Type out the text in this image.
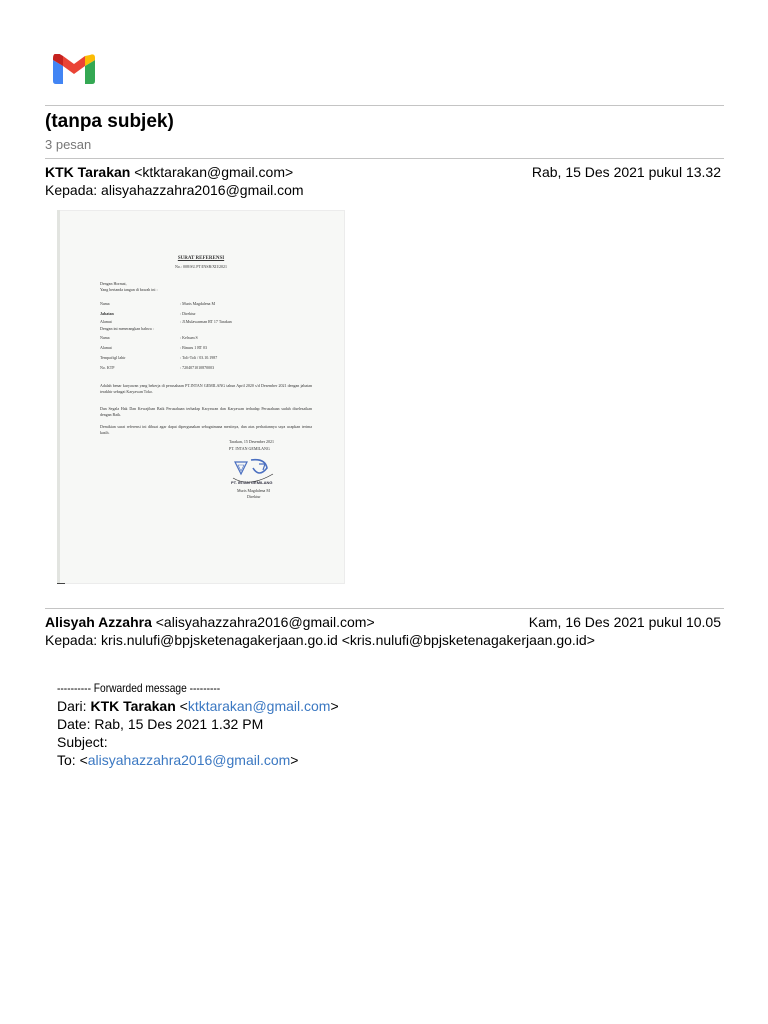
(tanpa subjek)
3 pesan
KTK Tarakan <ktktarakan@gmail.com>	Rab, 15 Des 2021 pukul 13.32
Kepada: alisyahazzahra2016@gmail.com
SURAT REFERENSI
No.: 008/SU.PT/INSB/XII/2021
Dengan Hormat,
Yang bertanda tangan di bawah ini :
Nama	: Muris Magdalena M
Jabatan	: Direktur
Alamat	: Jl.Mulawarman RT 17 Tarakan
Dengan ini menerangkan bahwa :
Nama	: Kelsum S
Alamat	: Binuru 1 RT 03
Tempat/tgl lahir	: Toli-Toli / 03.10.1987
No. KTP	: 7204071010870003
Adalah benar karyawan yang bekerja di perusahaan PT.INTAN GEMILANG tahun April 2020 s/d Desember 2021 dengan jabatan terakhir sebagai Karyawan Toko.
Dan Segala Hak Dan Kewajiban Baik Perusahaan terhadap Karyawan dan Karyawan terhadap Perusahaan sudah diselesaikan dengan Baik.
Demikian surat referensi ini dibuat agar dapat dipergunakan sebagaimana mestinya, dan atas perhatiannya saya ucapkan terima kasih.
Tarakan, 15 Desember 2021
PT. INTAN GEMILANG
PT. INTAN GEMILANG
Muris Magdalena M
Direktur
Alisyah Azzahra <alisyahazzahra2016@gmail.com>	Kam, 16 Des 2021 pukul 10.05
Kepada: kris.nulufi@bpjsketenagakerjaan.go.id <kris.nulufi@bpjsketenagakerjaan.go.id>
---------- Forwarded message ---------
Dari: KTK Tarakan <ktktarakan@gmail.com>
Date: Rab, 15 Des 2021 1.32 PM
Subject:
To: <alisyahazzahra2016@gmail.com>
